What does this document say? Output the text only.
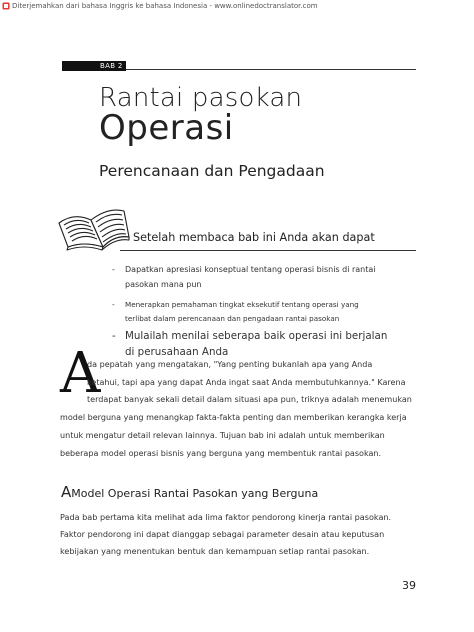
Diterjemahkan dari bahasa Inggris ke bahasa Indonesia - www.onlinedoctranslator.com
BAB 2
Rantai pasokan
Operasi
Perencanaan dan Pengadaan
Setelah membaca bab ini Anda akan dapat
- Dapatkan apresiasi konseptual tentang operasi bisnis di rantai
pasokan mana pun
- Menerapkan pemahaman tingkat eksekutif tentang operasi yang
terlibat dalam perencanaan dan pengadaan rantai pasokan
- Mulailah menilai seberapa baik operasi ini berjalan
di perusahaan Anda
A
da pepatah yang mengatakan, "Yang penting bukanlah apa yang Anda
ketahui, tapi apa yang dapat Anda ingat saat Anda membutuhkannya." Karena
terdapat banyak sekali detail dalam situasi apa pun, triknya adalah menemukan
model berguna yang menangkap fakta-fakta penting dan memberikan kerangka kerja
untuk mengatur detail relevan lainnya. Tujuan bab ini adalah untuk memberikan
beberapa model operasi bisnis yang berguna yang membentuk rantai pasokan.
AModel Operasi Rantai Pasokan yang Berguna
Pada bab pertama kita melihat ada lima faktor pendorong kinerja rantai pasokan.
Faktor pendorong ini dapat dianggap sebagai parameter desain atau keputusan
kebijakan yang menentukan bentuk dan kemampuan setiap rantai pasokan.
39
